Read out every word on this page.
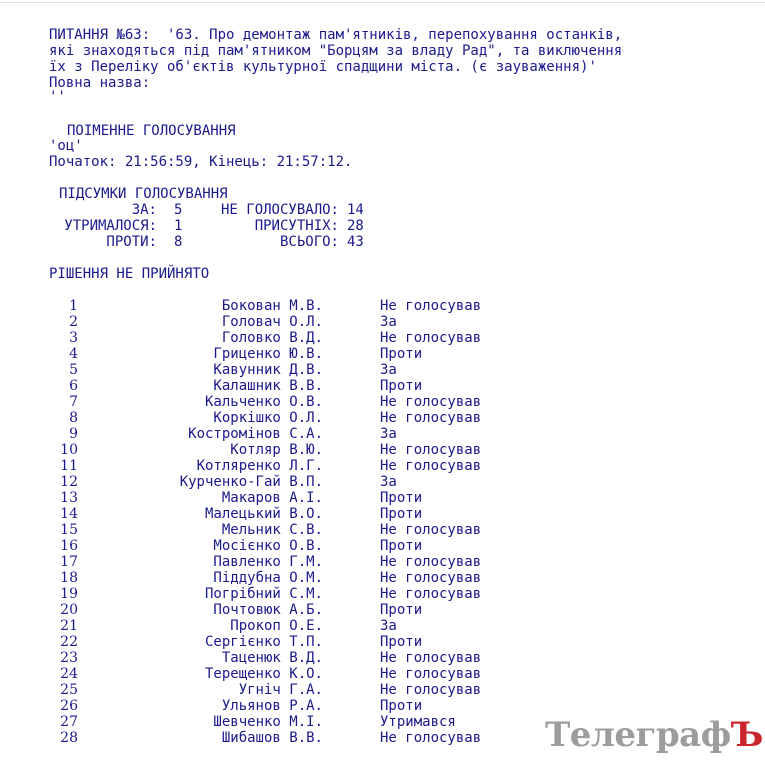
ПИТАННЯ №63:  '63. Про демонтаж пам'ятників, перепохування останків,
які знаходяться під пам'ятником "Борцям за владу Рад", та виключення
їх з Переліку об'єктів культурної спадщини міста. (є зауваження)'
Повна назва:
''
ПОІМЕННЕ ГОЛОСУВАННЯ
'оц'
Початок: 21:56:59, Кінець: 21:57:12.
ПІДСУМКИ ГОЛОСУВАННЯ
ЗА: 5	НЕ ГОЛОСУВАЛО: 14
УТРИМАЛОСЯ: 1	ПРИСУТНІХ: 28
ПРОТИ: 8	ВСЬОГО: 43
РІШЕННЯ НЕ ПРИЙНЯТО
1	Бокован М.В.	Не голосував
2	Головач О.Л.	За
3	Головко В.Д.	Не голосував
4	Гриценко Ю.В.	Проти
5	Кавунник Д.В.	За
6	Калашник В.В.	Проти
7	Кальченко О.В.	Не голосував
8	Коркішко О.Л.	Не голосував
9	Костромінов С.А.	За
10	Котляр В.Ю.	Не голосував
11	Котляренко Л.Г.	Не голосував
12	Курченко-Гай В.П.	За
13	Макаров А.І.	Проти
14	Малецький В.О.	Проти
15	Мельник С.В.	Не голосував
16	Мосієнко О.В.	Проти
17	Павленко Г.М.	Не голосував
18	Піддубна О.М.	Не голосував
19	Погрібний С.М.	Не голосував
20	Почтовюк А.Б.	Проти
21	Прокоп О.Е.	За
22	Сергієнко Т.П.	Проти
23	Таценюк В.Д.	Не голосував
24	Терещенко К.О.	Не голосував
25	Угніч Г.А.	Не голосував
26	Ульянов Р.А.	Проти
27	Шевченко М.І.	Утримався
28	Шибашов В.В.	Не голосував ТелеграфЪ
